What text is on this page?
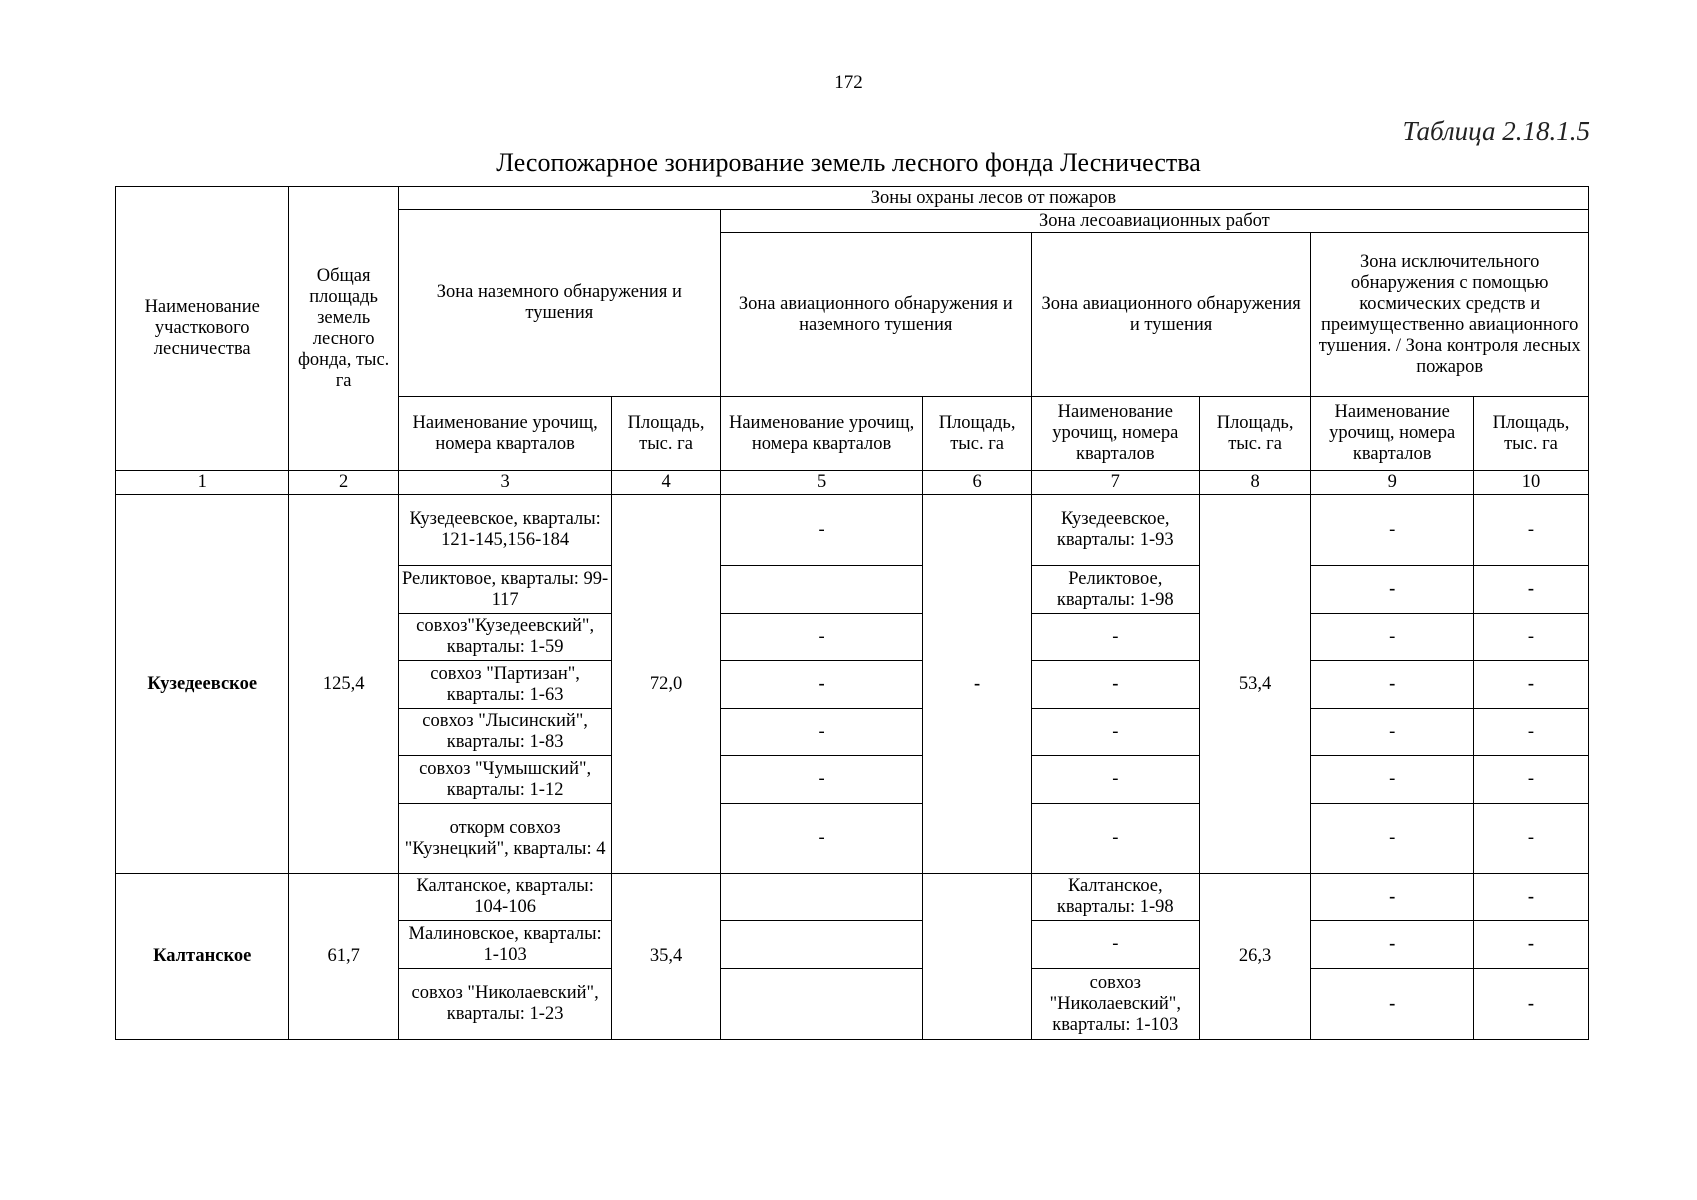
172
Таблица 2.18.1.5
Лесопожарное зонирование земель лесного фонда Лесничества
Наименование участкового лесничества	Общая площадь земель лесного фонда, тыс. га	Зоны охраны лесов от пожаров							
		Зона наземного обнаружения и тушения		Зона лесоавиационных работ					
				Зона авиационного обнаружения и наземного тушения		Зона авиационного обнаружения и тушения		Зона исключительного обнаружения с помощью космических средств и преимущественно авиационного тушения. / Зона контроля лесных пожаров	
		Наименование урочищ, номера кварталов	Площадь, тыс. га	Наименование урочищ, номера кварталов	Площадь, тыс. га	Наименование урочищ, номера кварталов	Площадь, тыс. га	Наименование урочищ, номера кварталов	Площадь, тыс. га
1	2	3	4	5	6	7	8	9	10
Кузедеевское	125,4	Кузедеевское, кварталы: 121-145,156-184	72,0	-	-	Кузедеевское, кварталы: 1-93	53,4	-	-
		Реликтовое, кварталы: 99-117				Реликтовое, кварталы: 1-98		-	-
		совхоз"Кузедеевский", кварталы: 1-59		-		-		-	-
		совхоз "Партизан", кварталы: 1-63		-		-		-	-
		совхоз "Лысинский", кварталы: 1-83		-		-		-	-
		совхоз "Чумышский", кварталы: 1-12		-		-		-	-
		откорм совхоз "Кузнецкий", кварталы: 4		-		-		-	-
Калтанское	61,7	Калтанское, кварталы: 104-106	35,4			Калтанское, кварталы: 1-98	26,3	-	-
		Малиновское, кварталы: 1-103				-		-	-
		совхоз "Николаевский", кварталы: 1-23				совхоз "Николаевский", кварталы: 1-103		-	-
